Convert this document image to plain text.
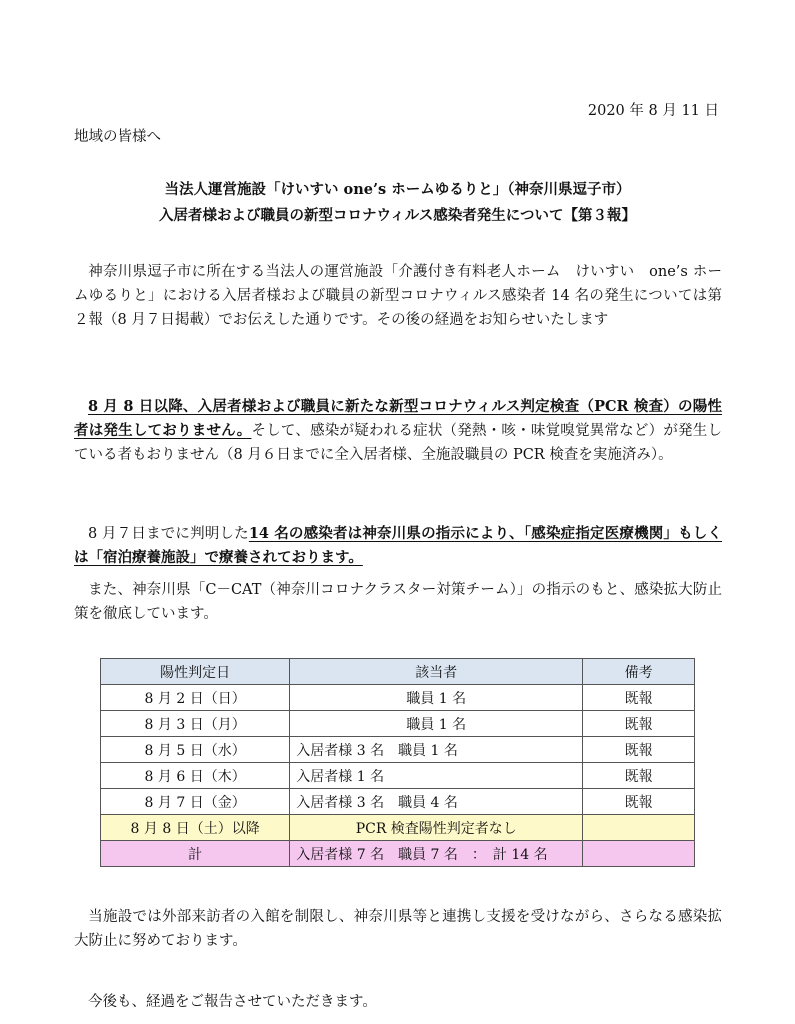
2020 年 8 月 11 日
地域の皆様へ
当法人運営施設「けいすい one’s ホームゆるりと」（神奈川県逗子市）
入居者様および職員の新型コロナウィルス感染者発生について【第３報】
神奈川県逗子市に所在する当法人の運営施設「介護付き有料老人ホーム　けいすい　one’s ホームゆるりと」における入居者様および職員の新型コロナウィルス感染者 14 名の発生については第２報（8 月７日掲載）でお伝えした通りです。その後の経過をお知らせいたします
8 月 8 日以降、入居者様および職員に新たな新型コロナウィルス判定検査（PCR 検査）の陽性者は発生しておりません。そして、感染が疑われる症状（発熱・咳・味覚嗅覚異常など）が発生している者もおりません（8 月６日までに全入居者様、全施設職員の PCR 検査を実施済み）。
8 月７日までに判明した14 名の感染者は神奈川県の指示により、「感染症指定医療機関」もしくは「宿泊療養施設」で療養されております。
また、神奈川県「C－CAT（神奈川コロナクラスター対策チーム）」の指示のもと、感染拡大防止策を徹底しています。
陽性判定日	該当者	備考
8 月 2 日（日）	職員 1 名	既報
8 月 3 日（月）	職員 1 名	既報
8 月 5 日（水）	入居者様 3 名　職員 1 名	既報
8 月 6 日（木）	入居者様 1 名	既報
8 月 7 日（金）	入居者様 3 名　職員 4 名	既報
8 月 8 日（土）以降	PCR 検査陽性判定者なし	
計	入居者様 7 名　職員 7 名　：　計 14 名	
当施設では外部来訪者の入館を制限し、神奈川県等と連携し支援を受けながら、さらなる感染拡大防止に努めております。
今後も、経過をご報告させていただきます。
